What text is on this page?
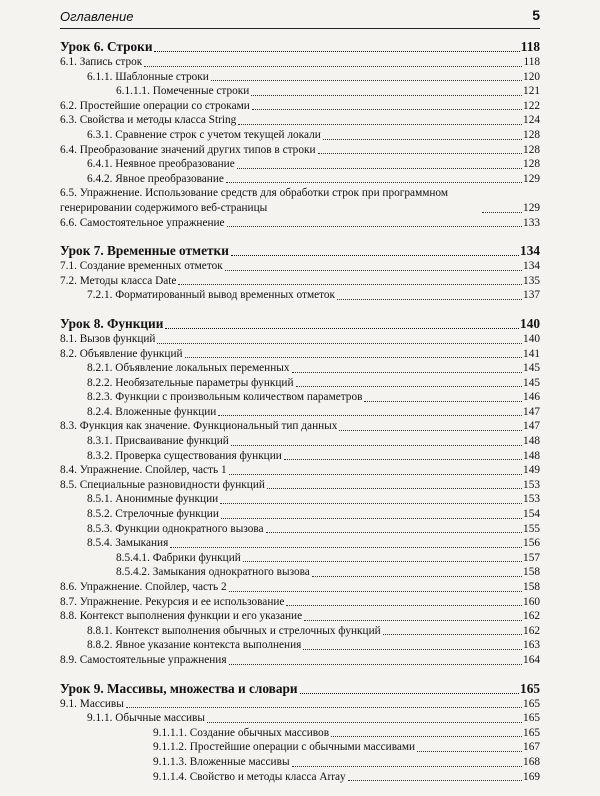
Оглавление	5
Урок 6. Строки	118
6.1. Запись строк	118
6.1.1. Шаблонные строки	120
6.1.1.1. Помеченные строки	121
6.2. Простейшие операции со строками	122
6.3. Свойства и методы класса String	124
6.3.1. Сравнение строк с учетом текущей локали	128
6.4. Преобразование значений других типов в строки	128
6.4.1. Неявное преобразование	128
6.4.2. Явное преобразование	129
6.5. Упражнение. Использование средств для обработки строк при программном генерировании содержимого веб-страницы	129
6.6. Самостоятельное упражнение	133
Урок 7. Временные отметки	134
7.1. Создание временных отметок	134
7.2. Методы класса Date	135
7.2.1. Форматированный вывод временных отметок	137
Урок 8. Функции	140
8.1. Вызов функций	140
8.2. Объявление функций	141
8.2.1. Объявление локальных переменных	145
8.2.2. Необязательные параметры функций	145
8.2.3. Функции с произвольным количеством параметров	146
8.2.4. Вложенные функции	147
8.3. Функция как значение. Функциональный тип данных	147
8.3.1. Присваивание функций	148
8.3.2. Проверка существования функции	148
8.4. Упражнение. Спойлер, часть 1	149
8.5. Специальные разновидности функций	153
8.5.1. Анонимные функции	153
8.5.2. Стрелочные функции	154
8.5.3. Функции однократного вызова	155
8.5.4. Замыкания	156
8.5.4.1. Фабрики функций	157
8.5.4.2. Замыкания однократного вызова	158
8.6. Упражнение. Спойлер, часть 2	158
8.7. Упражнение. Рекурсия и ее использование	160
8.8. Контекст выполнения функции и его указание	162
8.8.1. Контекст выполнения обычных и стрелочных функций	162
8.8.2. Явное указание контекста выполнения	163
8.9. Самостоятельные упражнения	164
Урок 9. Массивы, множества и словари	165
9.1. Массивы	165
9.1.1. Обычные массивы	165
9.1.1.1. Создание обычных массивов	165
9.1.1.2. Простейшие операции с обычными массивами	167
9.1.1.3. Вложенные массивы	168
9.1.1.4. Свойство и методы класса Array	169
